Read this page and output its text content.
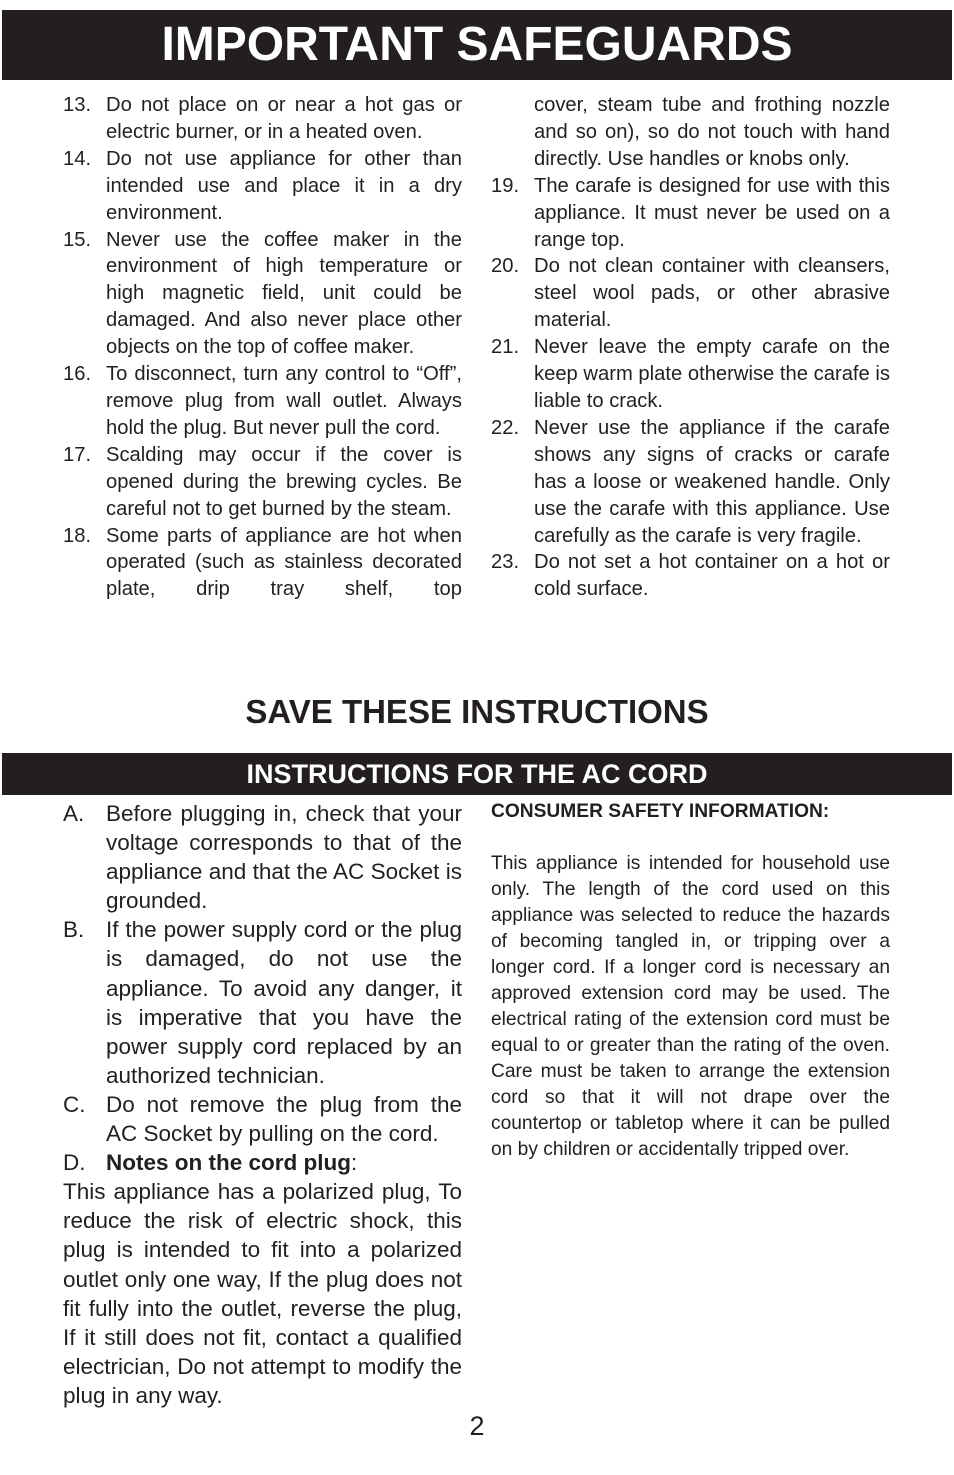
IMPORTANT SAFEGUARDS
13. Do not place on or near a hot gas or electric burner, or in a heated oven.
14. Do not use appliance for other than intended use and place it in a dry environment.
15. Never use the coffee maker in the environment of high temperature or high magnetic field, unit could be damaged. And also never place other objects on the top of coffee maker.
16. To disconnect, turn any control to “Off”, remove plug from wall outlet. Always hold the plug. But never pull the cord.
17. Scalding may occur if the cover is opened during the brewing cycles. Be careful not to get burned by the steam.
18. Some parts of appliance are hot when operated (such as stainless decorated plate, drip tray shelf, top
cover, steam tube and frothing nozzle and so on), so do not touch with hand directly. Use handles or knobs only.
19. The carafe is designed for use with this appliance. It must never be used on a range top.
20. Do not clean container with cleansers, steel wool pads, or other abrasive material.
21. Never leave the empty carafe on the keep warm plate otherwise the carafe is liable to crack.
22. Never use the appliance if the carafe shows any signs of cracks or carafe has a loose or weakened handle. Only use the carafe with this appliance. Use carefully as the carafe is very fragile.
23. Do not set a hot container on a hot or cold surface.
SAVE THESE INSTRUCTIONS
INSTRUCTIONS FOR THE AC CORD
A. Before plugging in, check that your voltage corresponds to that of the appliance and that the AC Socket is grounded.
B. If the power supply cord or the plug is damaged, do not use the appliance. To avoid any danger, it is imperative that you have the power supply cord replaced by an authorized technician.
C. Do not remove the plug from the AC Socket by pulling on the cord.
D. Notes on the cord plug:
This appliance has a polarized plug, To reduce the risk of electric shock, this plug is intended to fit into a polarized outlet only one way, If the plug does not fit fully into the outlet, reverse the plug, If it still does not fit, contact a qualified electrician, Do not attempt to modify the plug in any way.
CONSUMER SAFETY INFORMATION:
This appliance is intended for household use only. The length of the cord used on this appliance was selected to reduce the hazards of becoming tangled in, or tripping over a longer cord. If a longer cord is necessary an approved extension cord may be used. The electrical rating of the extension cord must be equal to or greater than the rating of the oven. Care must be taken to arrange the extension cord so that it will not drape over the countertop or tabletop where it can be pulled on by children or accidentally tripped over.
2
